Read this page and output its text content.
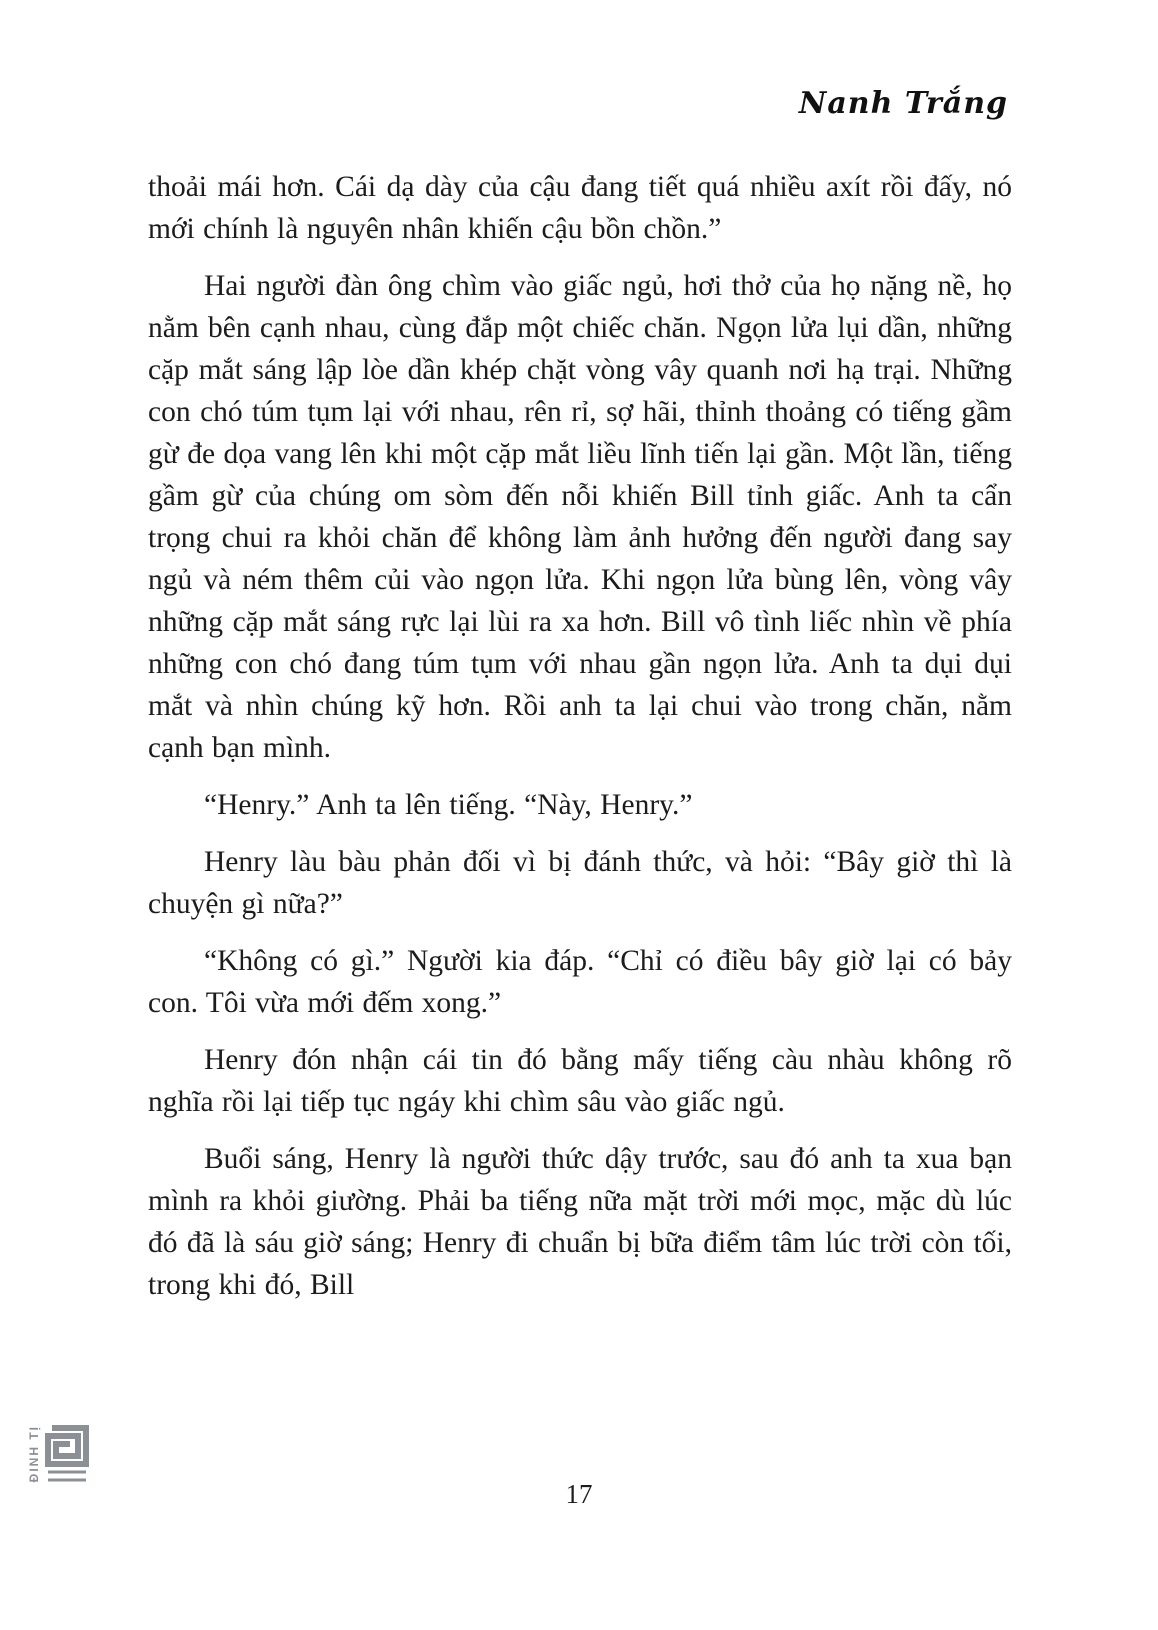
Nanh Trắng

thoải mái hơn. Cái dạ dày của cậu đang tiết quá nhiều axít rồi đấy, nó mới chính là nguyên nhân khiến cậu bồn chồn.”

Hai người đàn ông chìm vào giấc ngủ, hơi thở của họ nặng nề, họ nằm bên cạnh nhau, cùng đắp một chiếc chăn. Ngọn lửa lụi dần, những cặp mắt sáng lập lòe dần khép chặt vòng vây quanh nơi hạ trại. Những con chó túm tụm lại với nhau, rên rỉ, sợ hãi, thỉnh thoảng có tiếng gầm gừ đe dọa vang lên khi một cặp mắt liều lĩnh tiến lại gần. Một lần, tiếng gầm gừ của chúng om sòm đến nỗi khiến Bill tỉnh giấc. Anh ta cẩn trọng chui ra khỏi chăn để không làm ảnh hưởng đến người đang say ngủ và ném thêm củi vào ngọn lửa. Khi ngọn lửa bùng lên, vòng vây những cặp mắt sáng rực lại lùi ra xa hơn. Bill vô tình liếc nhìn về phía những con chó đang túm tụm với nhau gần ngọn lửa. Anh ta dụi dụi mắt và nhìn chúng kỹ hơn. Rồi anh ta lại chui vào trong chăn, nằm cạnh bạn mình.

“Henry.” Anh ta lên tiếng. “Này, Henry.”

Henry làu bàu phản đối vì bị đánh thức, và hỏi: “Bây giờ thì là chuyện gì nữa?”

“Không có gì.” Người kia đáp. “Chỉ có điều bây giờ lại có bảy con. Tôi vừa mới đếm xong.”

Henry đón nhận cái tin đó bằng mấy tiếng càu nhàu không rõ nghĩa rồi lại tiếp tục ngáy khi chìm sâu vào giấc ngủ.

Buổi sáng, Henry là người thức dậy trước, sau đó anh ta xua bạn mình ra khỏi giường. Phải ba tiếng nữa mặt trời mới mọc, mặc dù lúc đó đã là sáu giờ sáng; Henry đi chuẩn bị bữa điểm tâm lúc trời còn tối, trong khi đó, Bill

ĐINH TỊ
17
